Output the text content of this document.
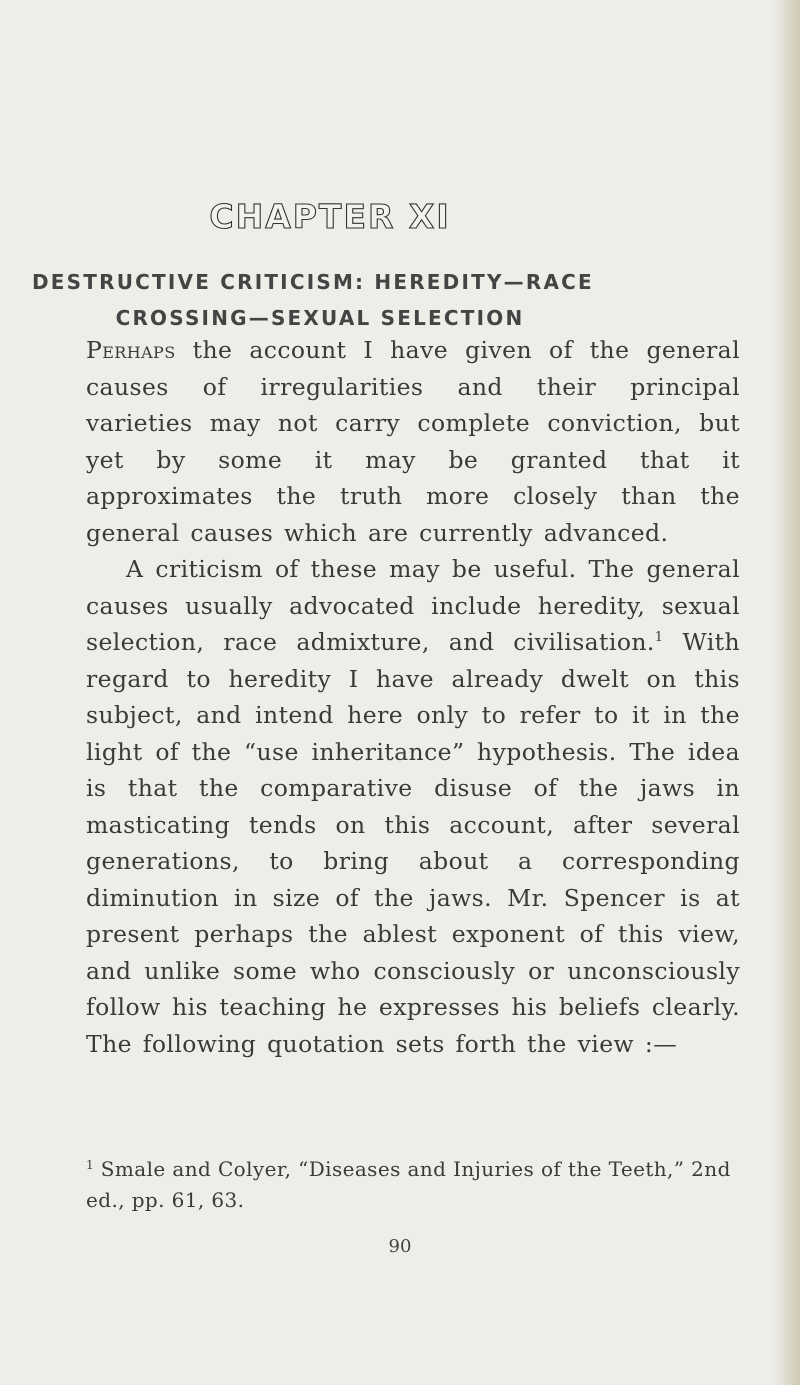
CHAPTER XI
DESTRUCTIVE CRITICISM: HEREDITY—RACE
CROSSING—SEXUAL SELECTION

Perhaps the account I have given of the general causes of irregularities and their principal varieties may not carry complete conviction, but yet by some it may be granted that it approximates the truth more closely than the general causes which are currently advanced.

A criticism of these may be useful. The general causes usually advocated include heredity, sexual selection, race admixture, and civilisation.$^1$ With regard to heredity I have already dwelt on this subject, and intend here only to refer to it in the light of the “use inheritance” hypothesis. The idea is that the comparative disuse of the jaws in masticating tends on this account, after several generations, to bring about a corresponding diminution in size of the jaws. Mr. Spencer is at present perhaps the ablest exponent of this view, and unlike some who consciously or unconsciously follow his teaching he expresses his beliefs clearly. The following quotation sets forth the view :—

$^1$ Smale and Colyer, “Diseases and Injuries of the Teeth,” 2nd ed., pp. 61, 63.

90
